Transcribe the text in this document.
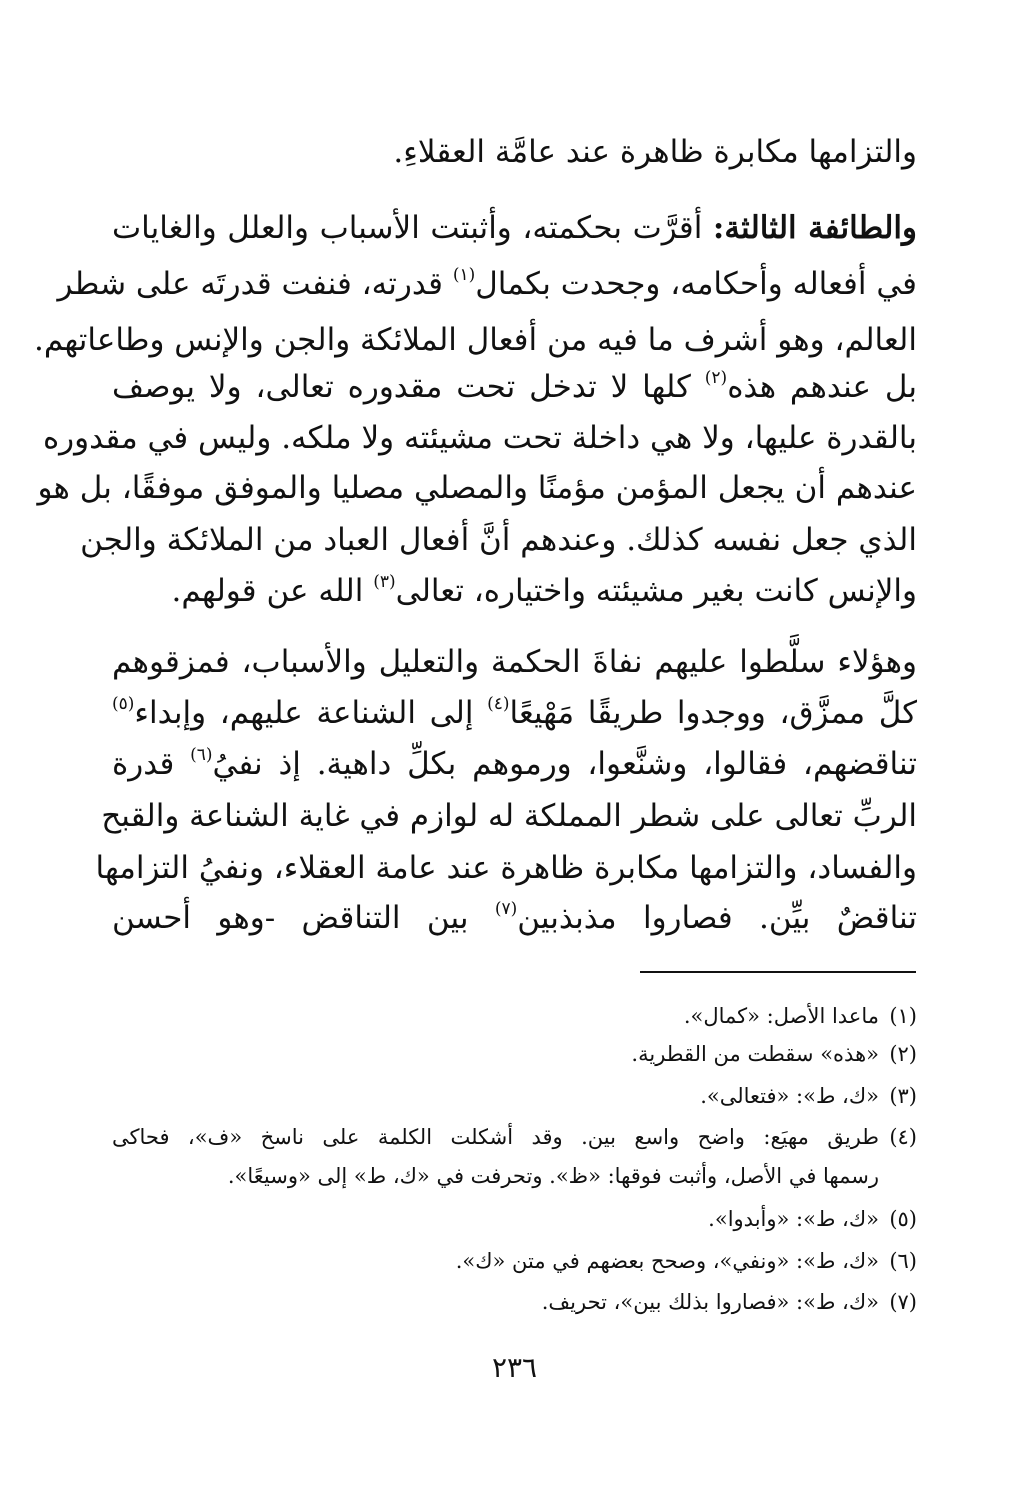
والتزامها مكابرة ظاهرة عند عامَّة العقلاءِ.
والطائفة الثالثة: أقرَّت بحكمته، وأثبتت الأسباب والعلل والغايات
في أفعاله وأحكامه، وجحدت بكمال$^{(١)}$ قدرته، فنفت قدرتَه على شطر
العالم، وهو أشرف ما فيه من أفعال الملائكة والجن والإنس وطاعاتهم.
بل عندهم هذه$^{(٢)}$ كلها لا تدخل تحت مقدوره تعالى، ولا يوصف
بالقدرة عليها، ولا هي داخلة تحت مشيئته ولا ملكه. وليس في مقدوره
عندهم أن يجعل المؤمن مؤمنًا والمصلي مصليا والموفق موفقًا، بل هو
الذي جعل نفسه كذلك. وعندهم أنَّ أفعال العباد من الملائكة والجن
والإنس كانت بغير مشيئته واختياره، تعالى$^{(٣)}$ الله عن قولهم.
وهؤلاء سلَّطوا عليهم نفاةَ الحكمة والتعليل والأسباب، فمزقوهم
كلَّ ممزَّق، ووجدوا طريقًا مَهْيعًا$^{(٤)}$ إلى الشناعة عليهم، وإبداء$^{(٥)}$
تناقضهم، فقالوا، وشنَّعوا، ورموهم بكلِّ داهية. إذ نفيُ$^{(٦)}$ قدرة
الربِّ تعالى على شطر المملكة له لوازم في غاية الشناعة والقبح
والفساد، والتزامها مكابرة ظاهرة عند عامة العقلاء، ونفيُ التزامها
تناقضٌ بيِّن. فصاروا مذبذبين$^{(٧)}$ بين التناقض -وهو أحسن
(١)ماعدا الأصل: «كمال».
(٢)«هذه» سقطت من القطرية.
(٣)«ك، ط»: «فتعالى».
(٤)طريق مهيَع: واضح واسع بين. وقد أشكلت الكلمة على ناسخ «ف»، فحاكى
رسمها في الأصل، وأثبت فوقها: «ظ». وتحرفت في «ك، ط» إلى «وسيعًا».
(٥)«ك، ط»: «وأبدوا».
(٦)«ك، ط»: «ونفي»، وصحح بعضهم في متن «ك».
(٧)«ك، ط»: «فصاروا بذلك بين»، تحريف.
٢٣٦
